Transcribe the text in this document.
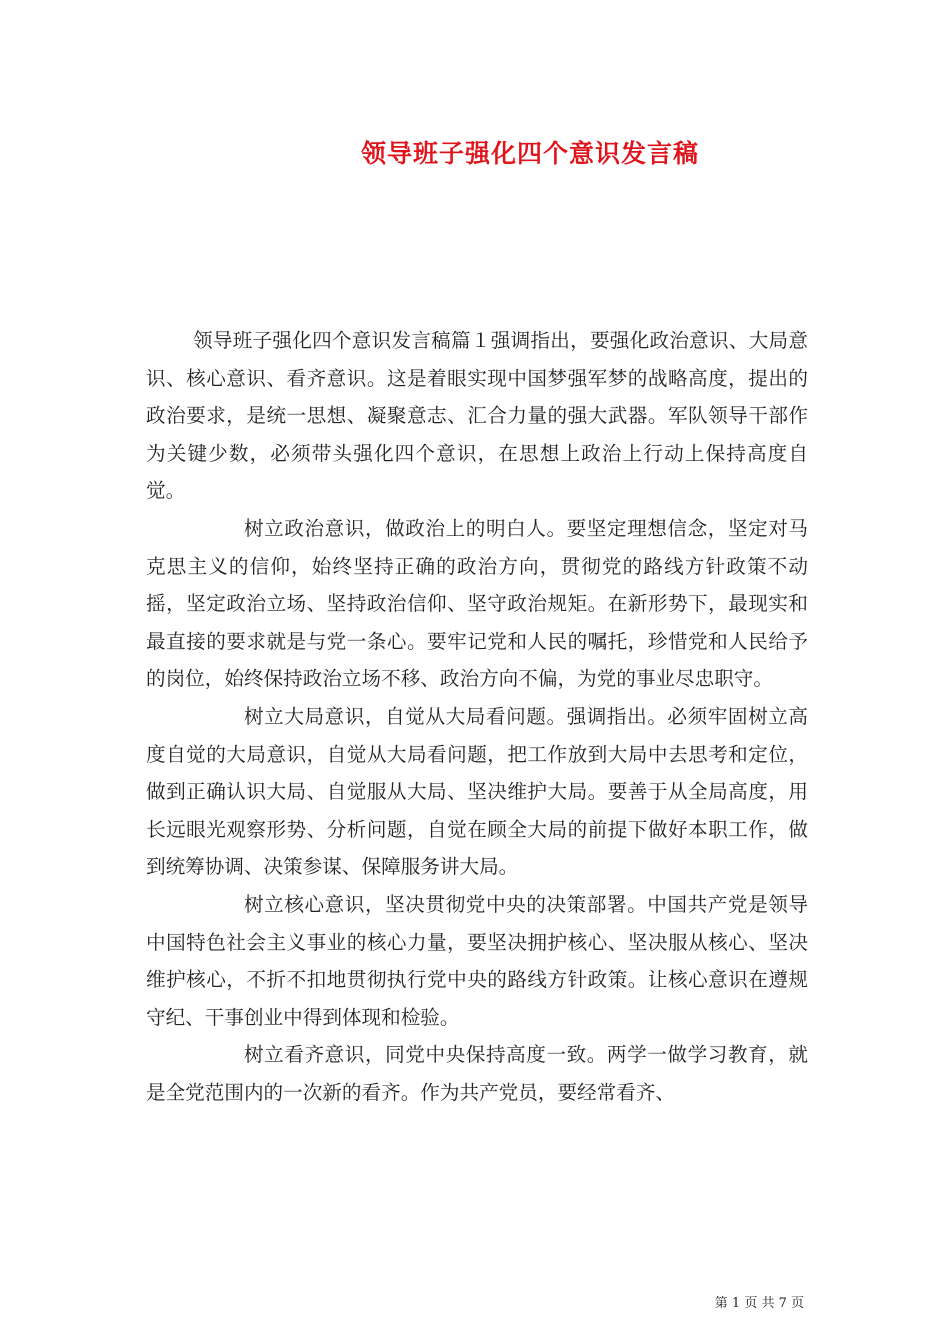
领导班子强化四个意识发言稿

领导班子强化四个意识发言稿篇１强调指出，要强化政治意识、大局意识、核心意识、看齐意识。这是着眼实现中国梦强军梦的战略高度，提出的政治要求，是统一思想、凝聚意志、汇合力量的强大武器。军队领导干部作为关键少数，必须带头强化四个意识，在思想上政治上行动上保持高度自觉。

树立政治意识，做政治上的明白人。要坚定理想信念，坚定对马克思主义的信仰，始终坚持正确的政治方向，贯彻党的路线方针政策不动摇，坚定政治立场、坚持政治信仰、坚守政治规矩。在新形势下，最现实和最直接的要求就是与党一条心。要牢记党和人民的嘱托，珍惜党和人民给予的岗位，始终保持政治立场不移、政治方向不偏，为党的事业尽忠职守。

树立大局意识，自觉从大局看问题。强调指出。必须牢固树立高度自觉的大局意识，自觉从大局看问题，把工作放到大局中去思考和定位，做到正确认识大局、自觉服从大局、坚决维护大局。要善于从全局高度，用长远眼光观察形势、分析问题，自觉在顾全大局的前提下做好本职工作，做到统筹协调、决策参谋、保障服务讲大局。

树立核心意识，坚决贯彻党中央的决策部署。中国共产党是领导中国特色社会主义事业的核心力量，要坚决拥护核心、坚决服从核心、坚决维护核心，不折不扣地贯彻执行党中央的路线方针政策。让核心意识在遵规守纪、干事创业中得到体现和检验。

树立看齐意识，同党中央保持高度一致。两学一做学习教育，就是全党范围内的一次新的看齐。作为共产党员，要经常看齐、

第 1 页 共 7 页
